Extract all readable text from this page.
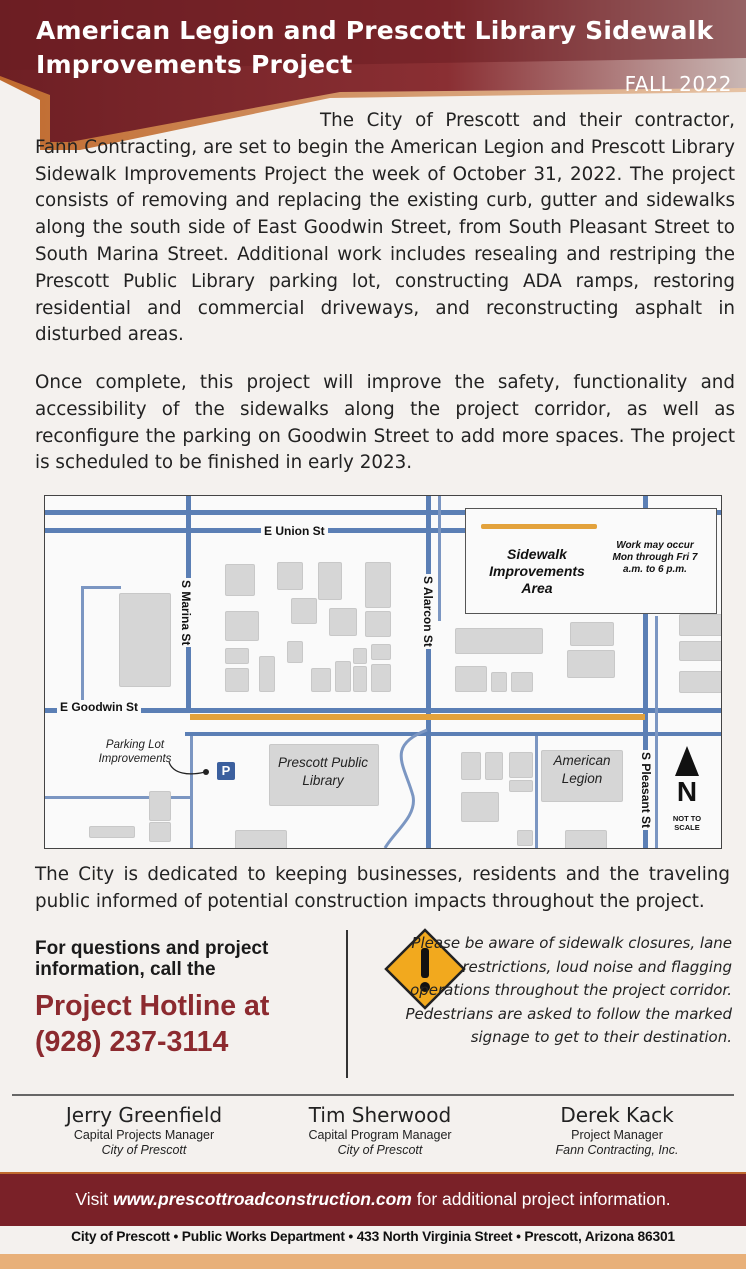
American Legion and Prescott Library Sidewalk Improvements Project
FALL 2022

The City of Prescott and their contractor, Fann Contracting, are set to begin the American Legion and Prescott Library Sidewalk Improvements Project the week of October 31, 2022. The project consists of removing and replacing the existing curb, gutter and sidewalks along the south side of East Goodwin Street, from South Pleasant Street to South Marina Street. Additional work includes resealing and restriping the Prescott Public Library parking lot, constructing ADA ramps, restoring residential and commercial driveways, and reconstructing asphalt in disturbed areas.

Once complete, this project will improve the safety, functionality and accessibility of the sidewalks along the project corridor, as well as reconfigure the parking on Goodwin Street to add more spaces. The project is scheduled to be finished in early 2023.

Sidewalk Improvements Area
Work may occur Mon through Fri 7 a.m. to 6 p.m.
E Union St
E Goodwin St
S Marina St	S Alarcon St
S Pleasant St
Parking Lot Improvements
P
Prescott Public Library
American Legion	N
NOT TO SCALE

The City is dedicated to keeping businesses, residents and the traveling public informed of potential construction impacts throughout the project.

For questions and project information, call the

Project Hotline at (928) 237-3114

Please be aware of sidewalk closures, lane restrictions, loud noise and flagging operations throughout the project corridor. Pedestrians are asked to follow the marked signage to get to their destination.

Jerry Greenfield
Capital Projects Manager
City of Prescott
Tim Sherwood
Capital Program Manager
City of Prescott
Derek Kack
Project Manager
Fann Contracting, Inc.
Visit www.prescottroadconstruction.com for additional project information.
City of Prescott • Public Works Department • 433 North Virginia Street • Prescott, Arizona 86301
